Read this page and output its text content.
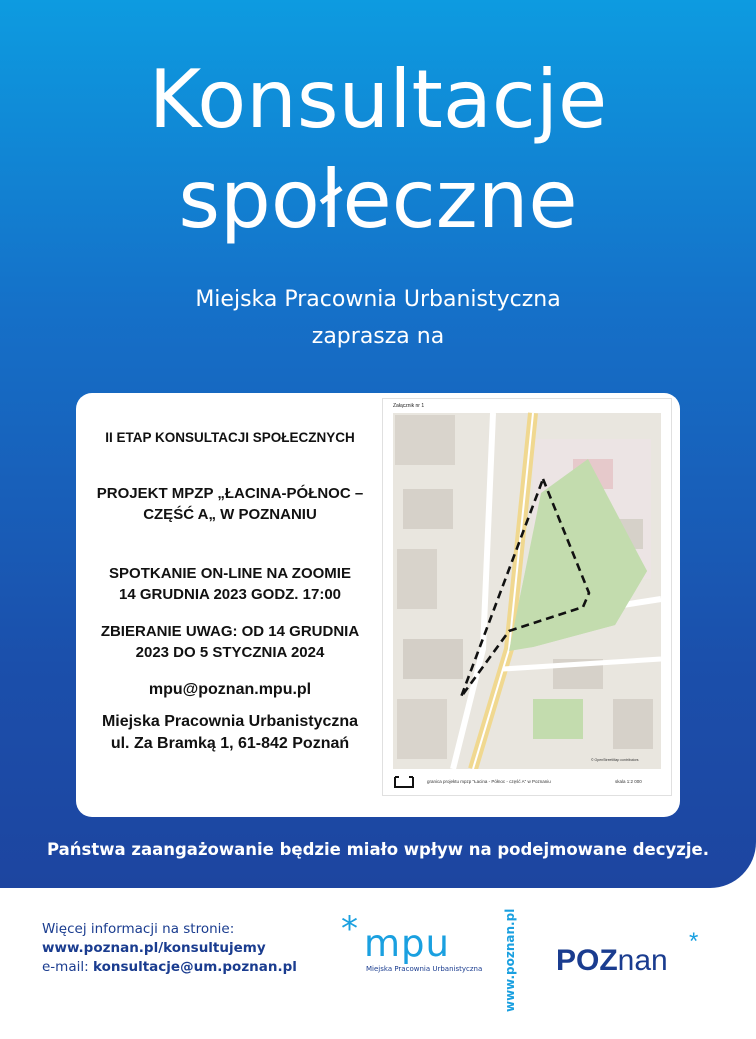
Konsultacje
społeczne
Miejska Pracownia Urbanistyczna
zaprasza na
II ETAP KONSULTACJI SPOŁECZNYCH
PROJEKT MPZP „ŁACINA-PÓŁNOC –
CZĘŚĆ A„ W POZNANIU
SPOTKANIE ON-LINE NA ZOOMIE
14 GRUDNIA 2023 GODZ. 17:00
ZBIERANIE UWAG: OD 14 GRUDNIA
2023 DO 5 STYCZNIA 2024
mpu@poznan.mpu.pl
Miejska Pracownia Urbanistyczna
ul. Za Bramką 1, 61-842 Poznań
Załącznik nr 1
granica projektu mpzp "Łacina - Północ - część A" w Poznaniu	skala 1:2 000
© OpenStreetMap contributors
Państwa zaangażowanie będzie miało wpływ na podejmowane decyzje.
Więcej informacji na stronie:
www.poznan.pl/konsultujemy
e-mail: konsultacje@um.poznan.pl
* mpu
Miejska Pracownia Urbanistyczna www.poznan.pl POZnan
*
